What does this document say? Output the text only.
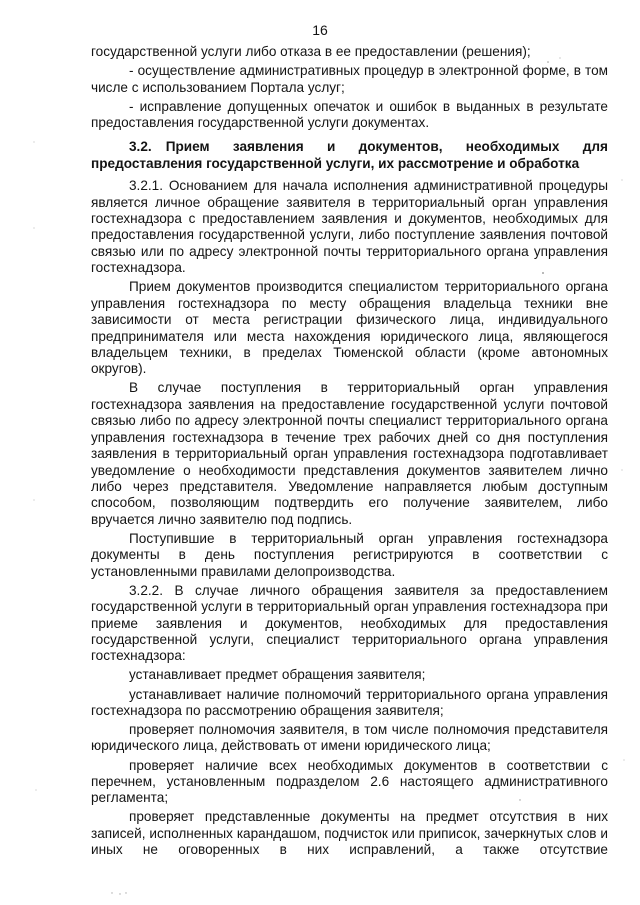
16

государственной услуги либо отказа в ее предоставлении (решения);

- осуществление административных процедур в электронной форме, в том числе с использованием Портала услуг;

- исправление допущенных опечаток и ошибок в выданных в результате предоставления государственной услуги документах.

3.2. Прием заявления и документов, необходимых для предоставления государственной услуги, их рассмотрение и обработка

3.2.1. Основанием для начала исполнения административной процедуры является личное обращение заявителя в территориальный орган управления гостехнадзора с предоставлением заявления и документов, необходимых для предоставления государственной услуги, либо поступление заявления почтовой связью или по адресу электронной почты территориального органа управления гостехнадзора.

Прием документов производится специалистом территориального органа управления гостехнадзора по месту обращения владельца техники вне зависимости от места регистрации физического лица, индивидуального предпринимателя или места нахождения юридического лица, являющегося владельцем техники, в пределах Тюменской области (кроме автономных округов).

В случае поступления в территориальный орган управления гостехнадзора заявления на предоставление государственной услуги почтовой связью либо по адресу электронной почты специалист территориального органа управления гостехнадзора в течение трех рабочих дней со дня поступления заявления в территориальный орган управления гостехнадзора подготавливает уведомление о необходимости представления документов заявителем лично либо через представителя. Уведомление направляется любым доступным способом, позволяющим подтвердить его получение заявителем, либо вручается лично заявителю под подпись.

Поступившие в территориальный орган управления гостехнадзора документы в день поступления регистрируются в соответствии с установленными правилами делопроизводства.

3.2.2. В случае личного обращения заявителя за предоставлением государственной услуги в территориальный орган управления гостехнадзора при приеме заявления и документов, необходимых для предоставления государственной услуги, специалист территориального органа управления гостехнадзора:

устанавливает предмет обращения заявителя;

устанавливает наличие полномочий территориального органа управления гостехнадзора по рассмотрению обращения заявителя;

проверяет полномочия заявителя, в том числе полномочия представителя юридического лица, действовать от имени юридического лица;

проверяет наличие всех необходимых документов в соответствии с перечнем, установленным подразделом 2.6 настоящего административного регламента;

проверяет представленные документы на предмет отсутствия в них записей, исполненных карандашом, подчисток или приписок, зачеркнутых слов и иных не оговоренных в них исправлений, а также отсутствие
